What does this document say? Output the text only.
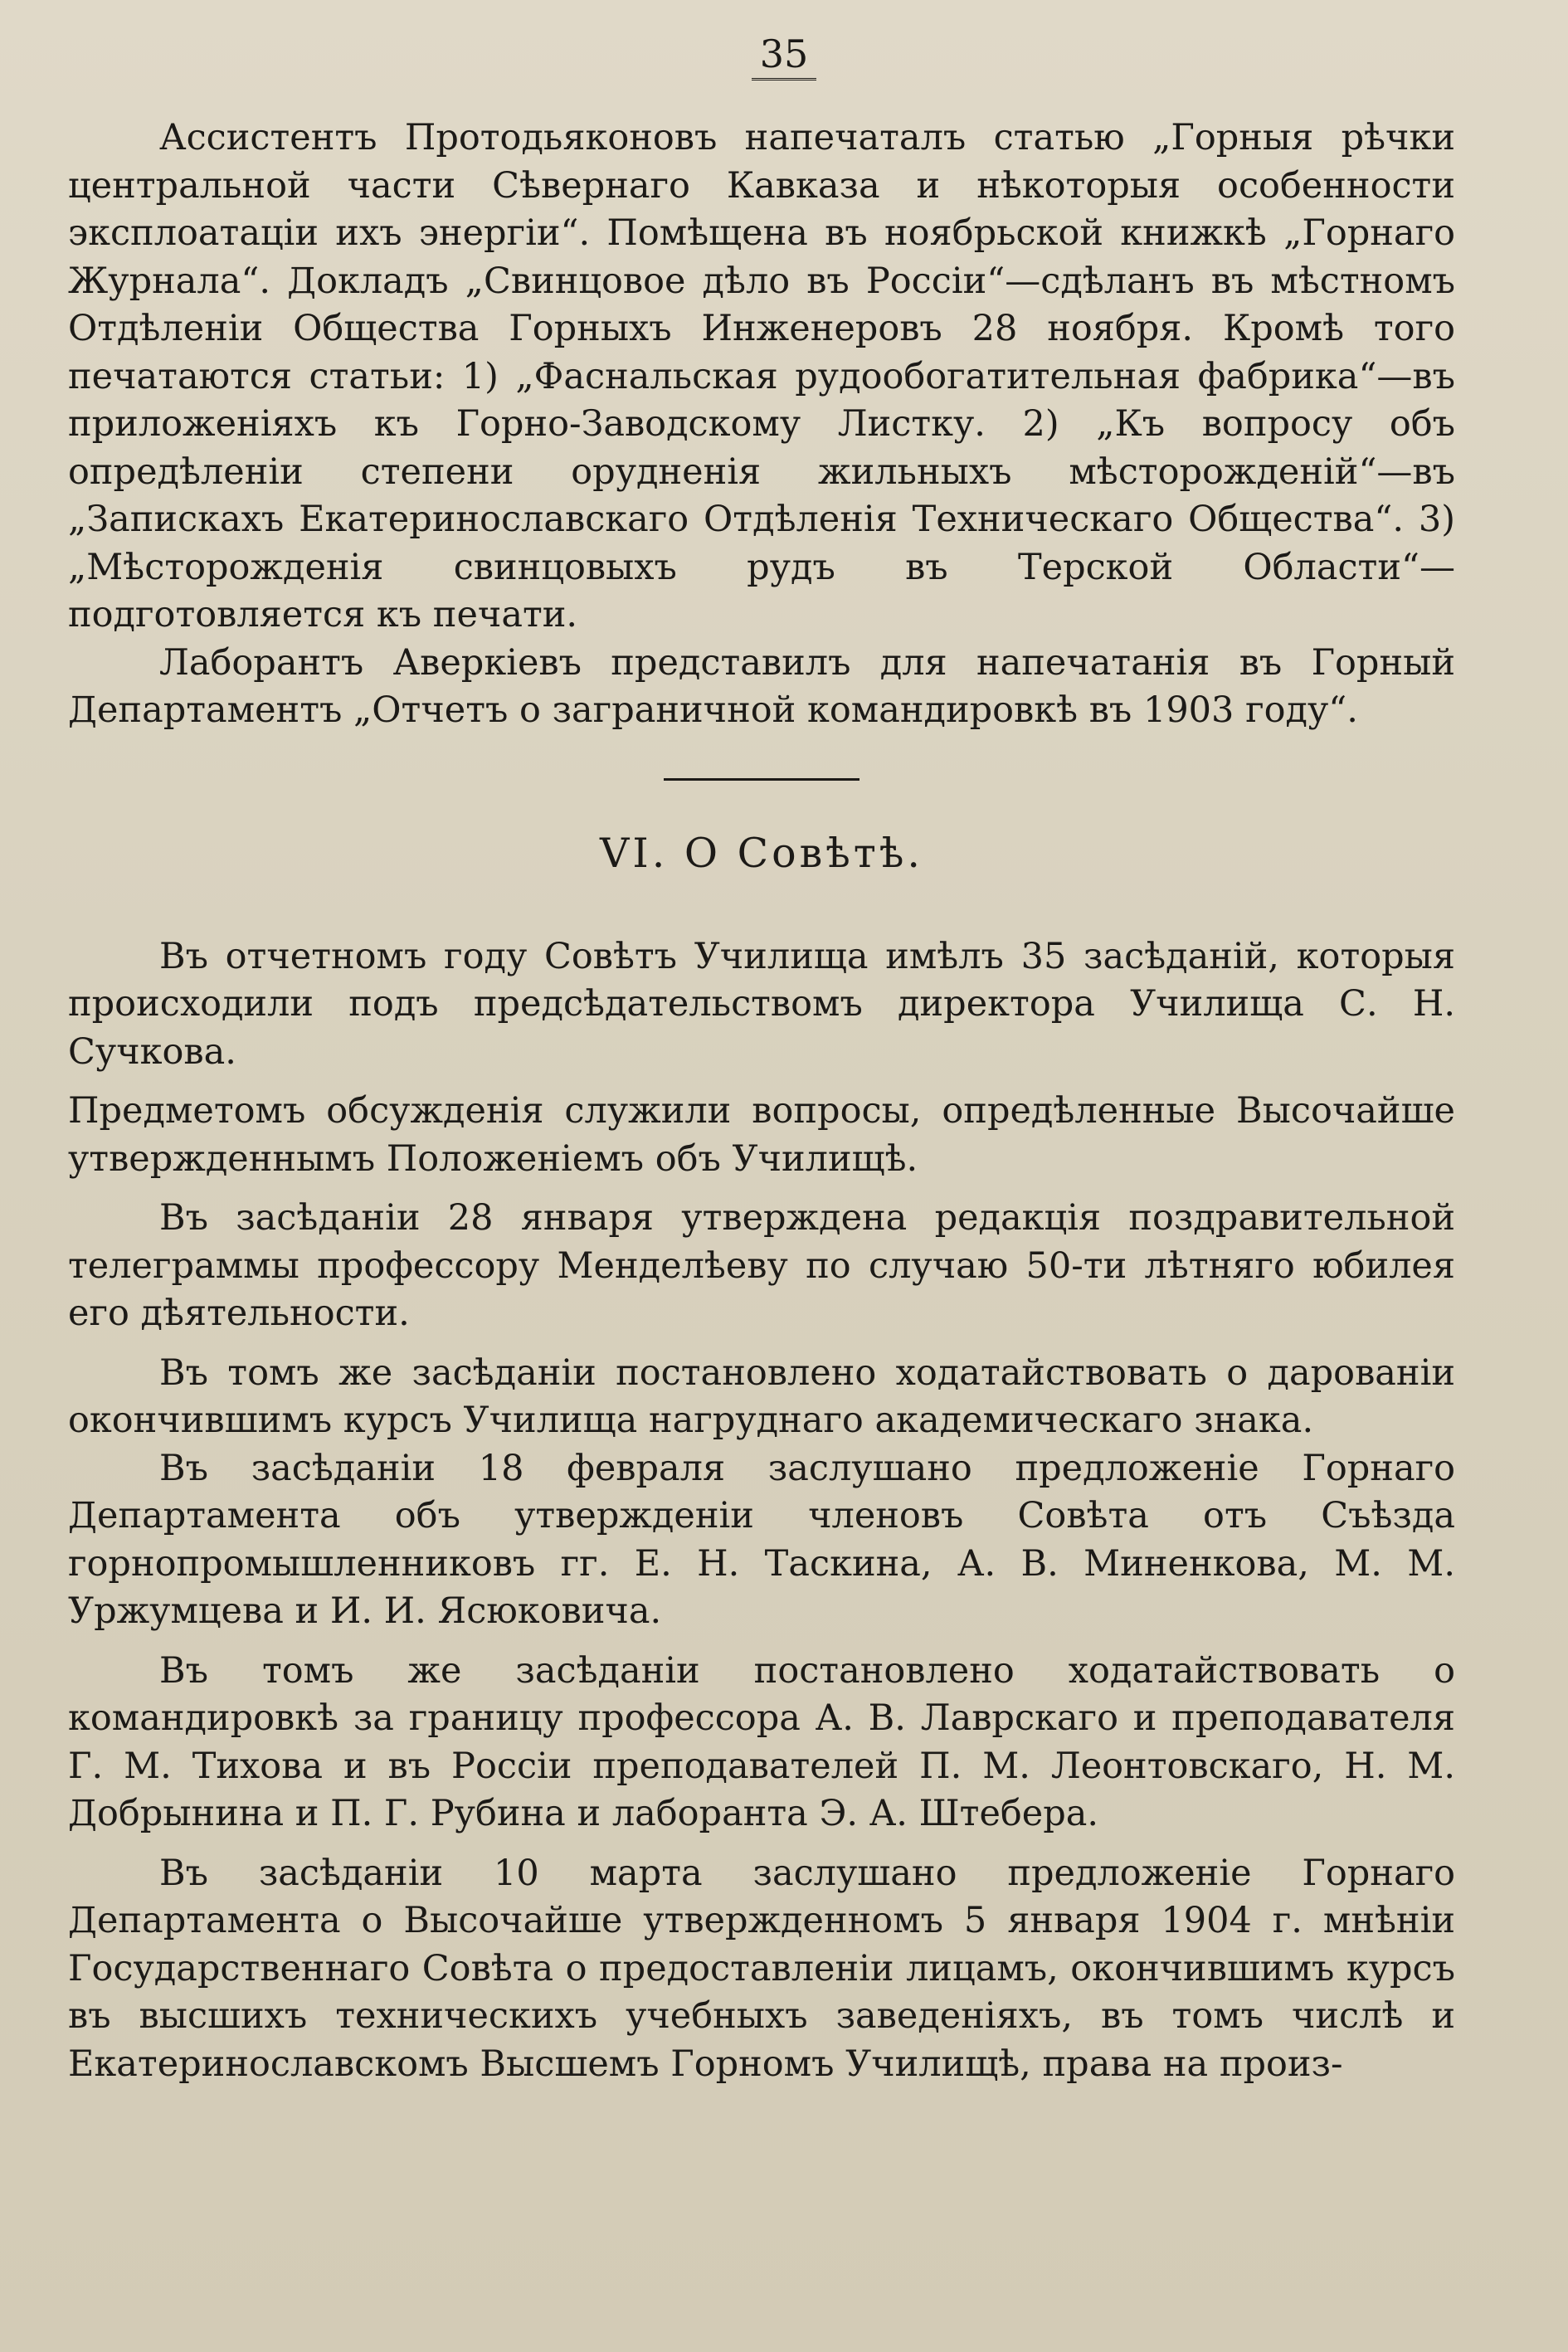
35

Ассистентъ Протодьяконовъ напечаталъ статью „Горныя рѣчки центральной части Сѣвернаго Кавказа и нѣкоторыя особенности эксплоатаціи ихъ энергіи“. Помѣщена въ ноябрьской книжкѣ „Горнаго Журнала“. Докладъ „Свинцовое дѣло въ Россіи“—сдѣланъ въ мѣстномъ Отдѣленіи Общества Горныхъ Инженеровъ 28 ноября. Кромѣ того печатаются статьи: 1) „Фаснальская рудообогатительная фабрика“—въ приложеніяхъ къ Горно-Заводскому Листку. 2) „Къ вопросу объ опредѣленіи степени орудненія жильныхъ мѣсторожденій“—въ „Запискахъ Екатеринославскаго Отдѣленія Техническаго Общества“. 3) „Мѣсторожденія свинцовыхъ рудъ въ Терской Области“—подготовляется къ печати.

Лаборантъ Аверкіевъ представилъ для напечатанія въ Горный Департаментъ „Отчетъ о заграничной командировкѣ въ 1903 году“.

VI. О Совѣтѣ.

Въ отчетномъ году Совѣтъ Училища имѣлъ 35 засѣданій, которыя происходили подъ предсѣдательствомъ директора Училища С. Н. Сучкова.

Предметомъ обсужденія служили вопросы, опредѣленные Высочайше утвержденнымъ Положеніемъ объ Училищѣ.

Въ засѣданіи 28 января утверждена редакція поздравительной телеграммы профессору Менделѣеву по случаю 50-ти лѣтняго юбилея его дѣятельности.

Въ томъ же засѣданіи постановлено ходатайствовать о дарованіи окончившимъ курсъ Училища нагруднаго академическаго знака.

Въ засѣданіи 18 февраля заслушано предложеніе Горнаго Департамента объ утвержденіи членовъ Совѣта отъ Съѣзда горнопромышленниковъ гг. Е. Н. Таскина, А. В. Миненкова, М. М. Уржумцева и И. И. Ясюковича.

Въ томъ же засѣданіи постановлено ходатайствовать о командировкѣ за границу профессора А. В. Лаврскаго и преподавателя Г. М. Тихова и въ Россіи преподавателей П. М. Леонтовскаго, Н. М. Добрынина и П. Г. Рубина и лаборанта Э. А. Штебера.

Въ засѣданіи 10 марта заслушано предложеніе Горнаго Департамента о Высочайше утвержденномъ 5 января 1904 г. мнѣніи Государственнаго Совѣта о предоставленіи лицамъ, окончившимъ курсъ въ высшихъ техническихъ учебныхъ заведеніяхъ, въ томъ числѣ и Екатеринославскомъ Высшемъ Горномъ Училищѣ, права на произ-
